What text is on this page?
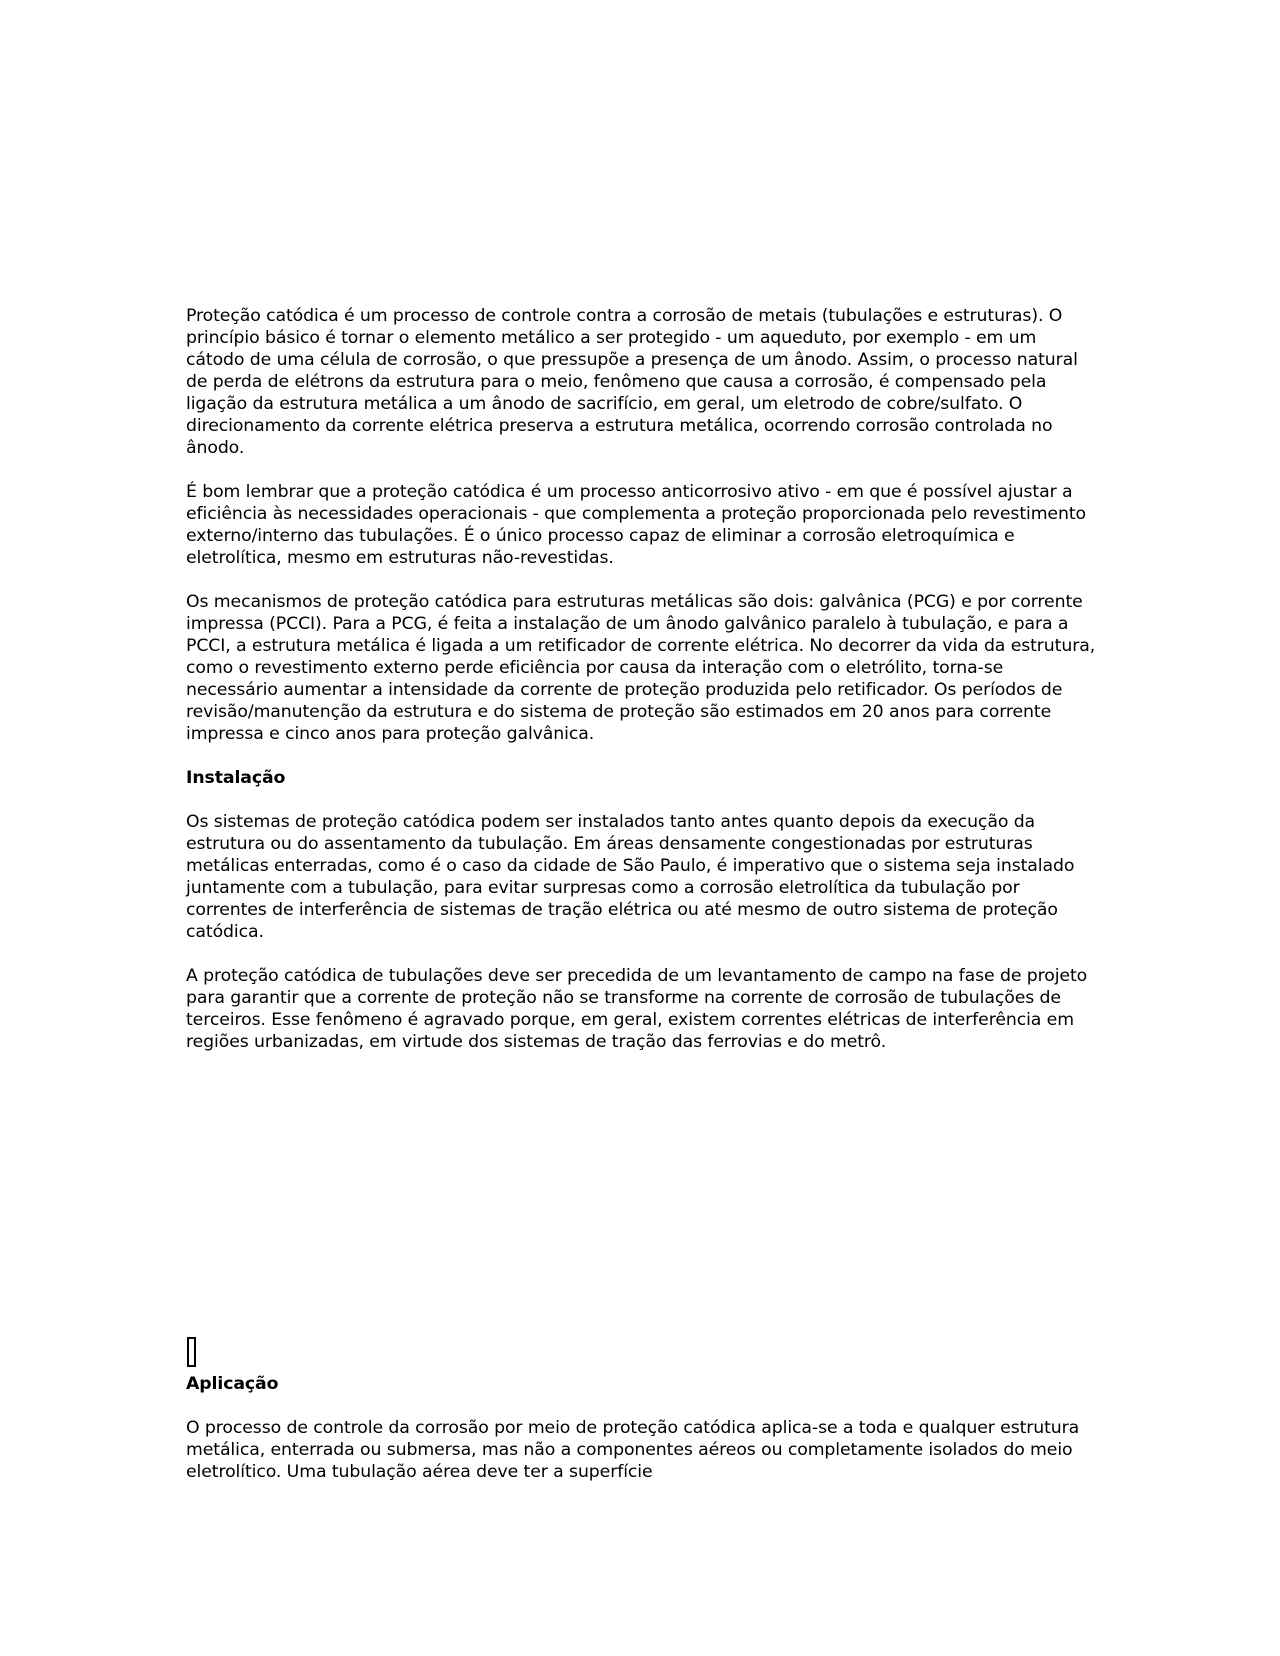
Proteção catódica é um processo de controle contra a corrosão de metais (tubulações e estruturas). O princípio básico é tornar o elemento metálico a ser protegido - um aqueduto, por exemplo - em um cátodo de uma célula de corrosão, o que pressupõe a presença de um ânodo. Assim, o processo natural de perda de elétrons da estrutura para o meio, fenômeno que causa a corrosão, é compensado pela ligação da estrutura metálica a um ânodo de sacrifício, em geral, um eletrodo de cobre/sulfato. O direcionamento da corrente elétrica preserva a estrutura metálica, ocorrendo corrosão controlada no ânodo.

É bom lembrar que a proteção catódica é um processo anticorrosivo ativo - em que é possível ajustar a eficiência às necessidades operacionais - que complementa a proteção proporcionada pelo revestimento externo/interno das tubulações. É o único processo capaz de eliminar a corrosão eletroquímica e eletrolítica, mesmo em estruturas não-revestidas.

Os mecanismos de proteção catódica para estruturas metálicas são dois: galvânica (PCG) e por corrente impressa (PCCI). Para a PCG, é feita a instalação de um ânodo galvânico paralelo à tubulação, e para a PCCI, a estrutura metálica é ligada a um retificador de corrente elétrica. No decorrer da vida da estrutura, como o revestimento externo perde eficiência por causa da interação com o eletrólito, torna-se necessário aumentar a intensidade da corrente de proteção produzida pelo retificador. Os períodos de revisão/manutenção da estrutura e do sistema de proteção são estimados em 20 anos para corrente impressa e cinco anos para proteção galvânica.

Instalação

Os sistemas de proteção catódica podem ser instalados tanto antes quanto depois da execução da estrutura ou do assentamento da tubulação. Em áreas densamente congestionadas por estruturas metálicas enterradas, como é o caso da cidade de São Paulo, é imperativo que o sistema seja instalado juntamente com a tubulação, para evitar surpresas como a corrosão eletrolítica da tubulação por correntes de interferência de sistemas de tração elétrica ou até mesmo de outro sistema de proteção catódica.

A proteção catódica de tubulações deve ser precedida de um levantamento de campo na fase de projeto para garantir que a corrente de proteção não se transforme na corrente de corrosão de tubulações de terceiros. Esse fenômeno é agravado porque, em geral, existem correntes elétricas de interferência em regiões urbanizadas, em virtude dos sistemas de tração das ferrovias e do metrô.

Aplicação

O processo de controle da corrosão por meio de proteção catódica aplica-se a toda e qualquer estrutura metálica, enterrada ou submersa, mas não a componentes aéreos ou completamente isolados do meio eletrolítico. Uma tubulação aérea deve ter a superfície
